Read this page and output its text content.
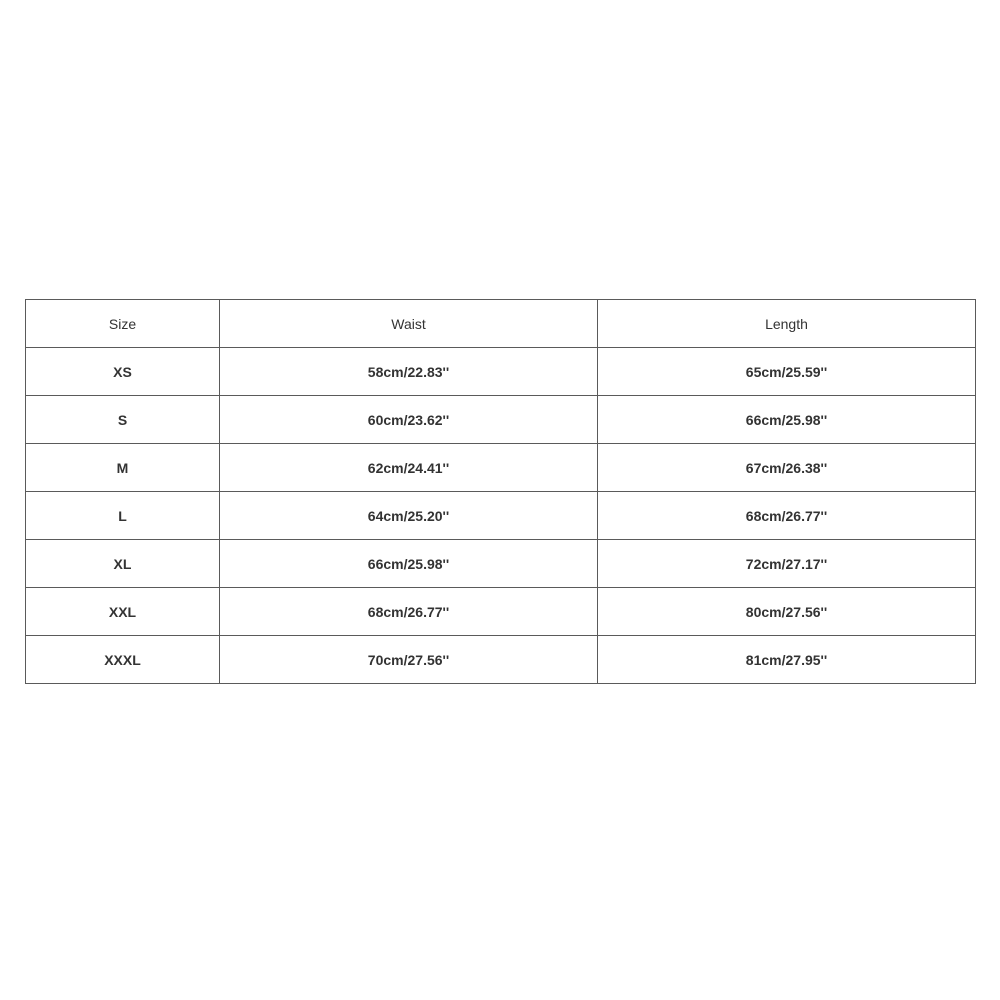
Size	Waist	Length
XS	58cm/22.83''	65cm/25.59''
S	60cm/23.62''	66cm/25.98''
M	62cm/24.41''	67cm/26.38''
L	64cm/25.20''	68cm/26.77''
XL	66cm/25.98''	72cm/27.17''
XXL	68cm/26.77''	80cm/27.56''
XXXL	70cm/27.56''	81cm/27.95''
